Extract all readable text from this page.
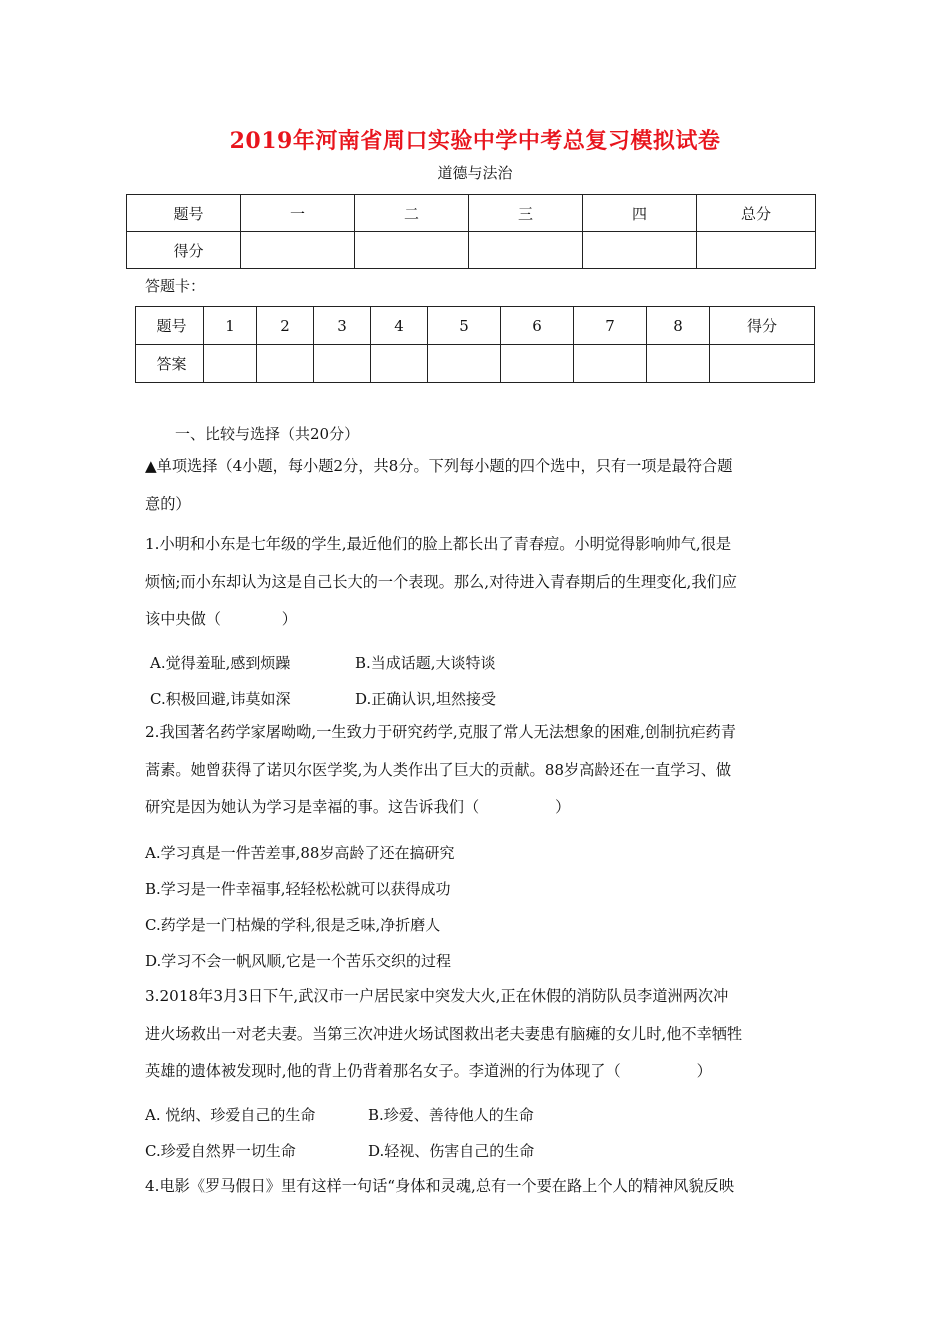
2019年河南省周口实验中学中考总复习模拟试卷
道德与法治
题号	一	二	三	四	总分
得分					
答题卡：
题号	1	2	3	4	5	6	7	8	得分
答案									
一、比较与选择（共20分）
▲单项选择（4小题，每小题2分，共8分。下列每小题的四个选中，只有一项是最符合题
意的）
1.小明和小东是七年级的学生,最近他们的脸上都长出了青春痘。小明觉得影响帅气,很是
烦恼;而小东却认为这是自己长大的一个表现。那么,对待进入青春期后的生理变化,我们应
该中央做（　　　　）
A.觉得羞耻,感到烦躁	B.当成话题,大谈特谈
C.积极回避,讳莫如深	D.正确认识,坦然接受
2.我国著名药学家屠呦呦,一生致力于研究药学,克服了常人无法想象的困难,创制抗疟药青
蒿素。她曾获得了诺贝尔医学奖,为人类作出了巨大的贡献。88岁高龄还在一直学习、做
研究是因为她认为学习是幸福的事。这告诉我们（　　　　　）
A.学习真是一件苦差事,88岁高龄了还在搞研究
B.学习是一件幸福事,轻轻松松就可以获得成功
C.药学是一门枯燥的学科,很是乏味,净折磨人
D.学习不会一帆风顺,它是一个苦乐交织的过程
3.2018年3月3日下午,武汉市一户居民家中突发大火,正在休假的消防队员李道洲两次冲
进火场救出一对老夫妻。当第三次冲进火场试图救出老夫妻患有脑瘫的女儿时,他不幸牺牲
英雄的遗体被发现时,他的背上仍背着那名女子。李道洲的行为体现了（　　　　　）
A. 悦纳、珍爱自己的生命	B.珍爱、善待他人的生命
C.珍爱自然界一切生命	D.轻视、伤害自己的生命
4.电影《罗马假日》里有这样一句话“身体和灵魂,总有一个要在路上个人的精神风貌反映
